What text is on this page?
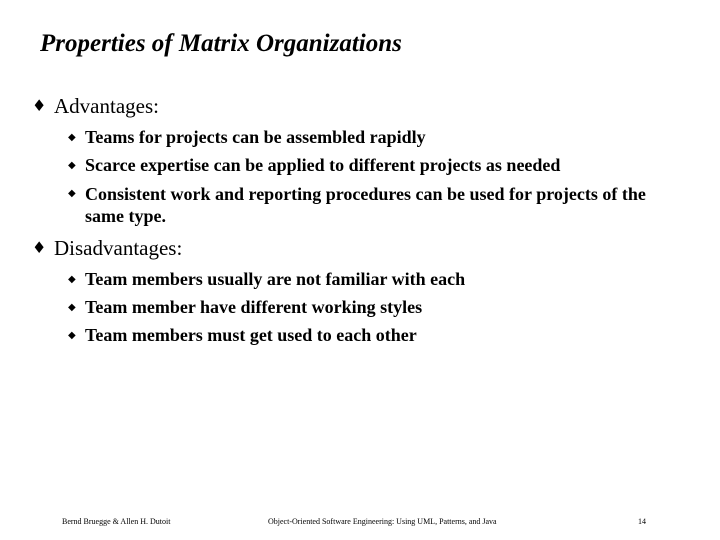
Properties of Matrix Organizations
♦ Advantages:
◆ Teams for projects can be assembled rapidly
◆ Scarce expertise can be applied to different projects as needed
◆ Consistent work and reporting procedures can be used for projects of the same type.
♦ Disadvantages:
◆ Team members usually are not familiar with each
◆ Team member have different working styles
◆ Team members must get used to each other
Bernd Bruegge & Allen H. Dutoit	Object-Oriented Software Engineering: Using UML, Patterns, and Java	14
